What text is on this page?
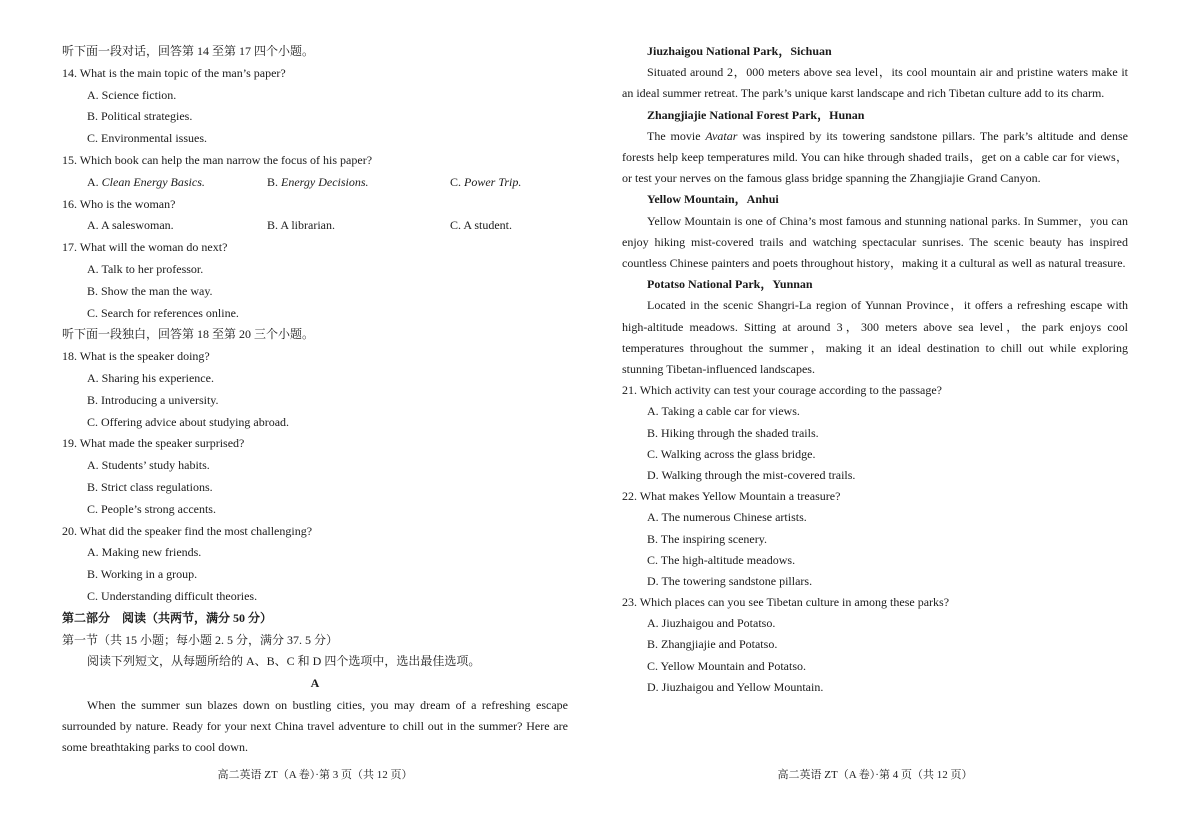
听下面一段对话，回答第 14 至第 17 四个小题。
14. What is the main topic of the man’s paper?
A. Science fiction.
B. Political strategies.
C. Environmental issues.
15. Which book can help the man narrow the focus of his paper?
A. Clean Energy Basics.	B. Energy Decisions.	C. Power Trip.
16. Who is the woman?
A. A saleswoman.	B. A librarian.	C. A student.
17. What will the woman do next?
A. Talk to her professor.
B. Show the man the way.
C. Search for references online.
听下面一段独白，回答第 18 至第 20 三个小题。
18. What is the speaker doing?
A. Sharing his experience.
B. Introducing a university.
C. Offering advice about studying abroad.
19. What made the speaker surprised?
A. Students’ study habits.
B. Strict class regulations.
C. People’s strong accents.
20. What did the speaker find the most challenging?
A. Making new friends.
B. Working in a group.
C. Understanding difficult theories.
第二部分　阅读（共两节，满分 50 分）
第一节（共 15 小题；每小题 2. 5 分，满分 37. 5 分）
阅读下列短文，从每题所给的 A、B、C 和 D 四个选项中，选出最佳选项。
A
When the summer sun blazes down on bustling cities, you may dream of a refreshing escape surrounded by nature. Ready for your next China travel adventure to chill out in the summer? Here are some breathtaking parks to cool down.
Jiuzhaigou National Park，Sichuan
Situated around 2，000 meters above sea level，its cool mountain air and pristine waters make it an ideal summer retreat. The park’s unique karst landscape and rich Tibetan culture add to its charm.
Zhangjiajie National Forest Park，Hunan
The movie Avatar was inspired by its towering sandstone pillars. The park’s altitude and dense forests help keep temperatures mild. You can hike through shaded trails，get on a cable car for views，or test your nerves on the famous glass bridge spanning the Zhangjiajie Grand Canyon.
Yellow Mountain，Anhui
Yellow Mountain is one of China’s most famous and stunning national parks. In Summer，you can enjoy hiking mist-covered trails and watching spectacular sunrises. The scenic beauty has inspired countless Chinese painters and poets throughout history，making it a cultural as well as natural treasure.
Potatso National Park，Yunnan
Located in the scenic Shangri-La region of Yunnan Province，it offers a refreshing escape with high-altitude meadows. Sitting at around 3，300 meters above sea level，the park enjoys cool temperatures throughout the summer，making it an ideal destination to chill out while exploring stunning Tibetan-influenced landscapes.
21. Which activity can test your courage according to the passage?
A. Taking a cable car for views.
B. Hiking through the shaded trails.
C. Walking across the glass bridge.
D. Walking through the mist-covered trails.
22. What makes Yellow Mountain a treasure?
A. The numerous Chinese artists.
B. The inspiring scenery.
C. The high-altitude meadows.
D. The towering sandstone pillars.
23. Which places can you see Tibetan culture in among these parks?
A. Jiuzhaigou and Potatso.
B. Zhangjiajie and Potatso.
C. Yellow Mountain and Potatso.
D. Jiuzhaigou and Yellow Mountain.
高二英语 ZT（A 卷）·第 3 页（共 12 页）	高二英语 ZT（A 卷）·第 4 页（共 12 页）
